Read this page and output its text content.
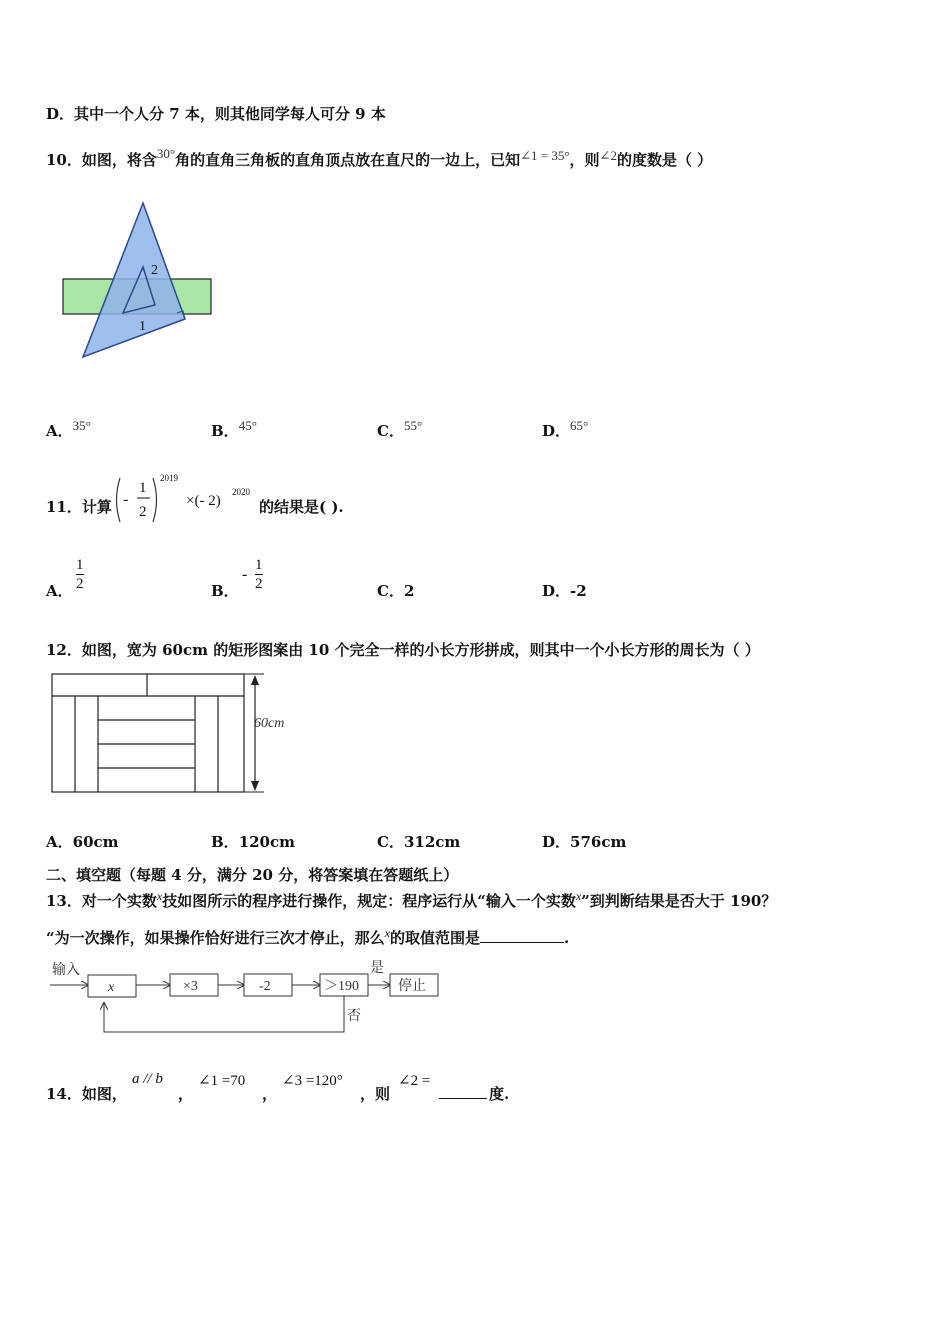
D．其中一个人分 7 本，则其他同学每人可分 9 本
10．如图，将含30°角的直角三角板的直角顶点放在直尺的一边上，已知∠1 = 35°，则∠2的度数是（ ）
2
1
A．35°	B．45°	C．55°	D．65°
11．计算 -
1
2
2019
×(- 2)
2020
的结果是( ).
A．
1
2	B．
-
1
2	C．2	D．-2
12．如图，宽为 60cm 的矩形图案由 10 个完全一样的小长方形拼成，则其中一个小长方形的周长为（ ）
60cm
A．60cm	B．120cm	C．312cm	D．576cm
二、填空题（每题 4 分，满分 20 分，将答案填在答题纸上）
13．对一个实数$^x$技如图所示的程序进行操作，规定：程序运行从“输入一个实数$^x$”到判断结果是否大于 190？
“为一次操作，如果操作恰好进行三次才停止，那么$^x$的取值范围是	.
输入
x	×3	-2	＞190
是
停止
否
14．如图，
a // b
，
∠1 =70
，
∠3 =120°
，则
∠2 =
度.
